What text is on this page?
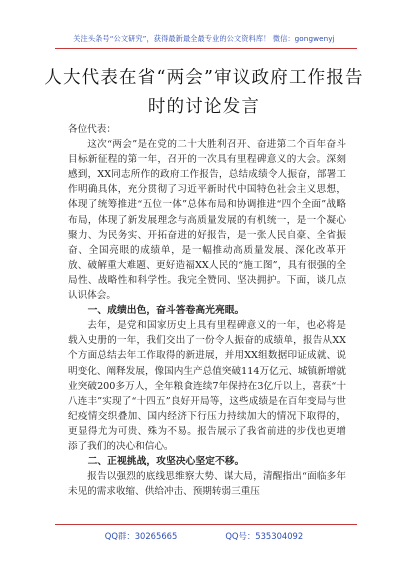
关注头条号“公文研究”，获得最新最全最专业的公文资料库！ 微信：gongwenyj
人大代表在省“两会”审议政府工作报告
时的讨论发言

各位代表：

这次“两会”是在党的二十大胜利召开、奋进第二个百年奋斗目标新征程的第一年，召开的一次具有里程碑意义的大会。深刻感到，XX同志所作的政府工作报告，总结成绩令人振奋，部署工作明确具体，充分贯彻了习近平新时代中国特色社会主义思想，体现了统筹推进“五位一体”总体布局和协调推进“四个全面”战略布局，体现了新发展理念与高质量发展的有机统一，是一个凝心聚力、为民务实、开拓奋进的好报告，是一张人民自豪、全省振奋、全国亮眼的成绩单，是一幅推动高质量发展、深化改革开放、破解重大难题、更好造福XX人民的“施工图”，具有很强的全局性、战略性和科学性。我完全赞同、坚决拥护。下面，谈几点认识体会。

一、成绩出色，奋斗答卷高光亮眼。

去年，是党和国家历史上具有里程碑意义的一年，也必将是载入史册的一年，我们交出了一份令人振奋的成绩单，报告从XX个方面总结去年工作取得的新进展，并用XX组数据印证成就、说明变化、阐释发展，像国内生产总值突破114万亿元、城镇新增就业突破200多万人，全年粮食连续7年保持在3亿斤以上，喜获“十八连丰”实现了“十四五”良好开局等，这些成绩是在百年变局与世纪疫情交织叠加、国内经济下行压力持续加大的情况下取得的，更显得尤为可贵、殊为不易。报告展示了我省前进的步伐也更增添了我们的决心和信心。

二、正视挑战，攻坚决心坚定不移。

报告以强烈的底线思维察大势、谋大局，清醒指出“面临多年未见的需求收缩、供给冲击、预期转弱三重压

QQ群：30265665	QQ号：535304092
